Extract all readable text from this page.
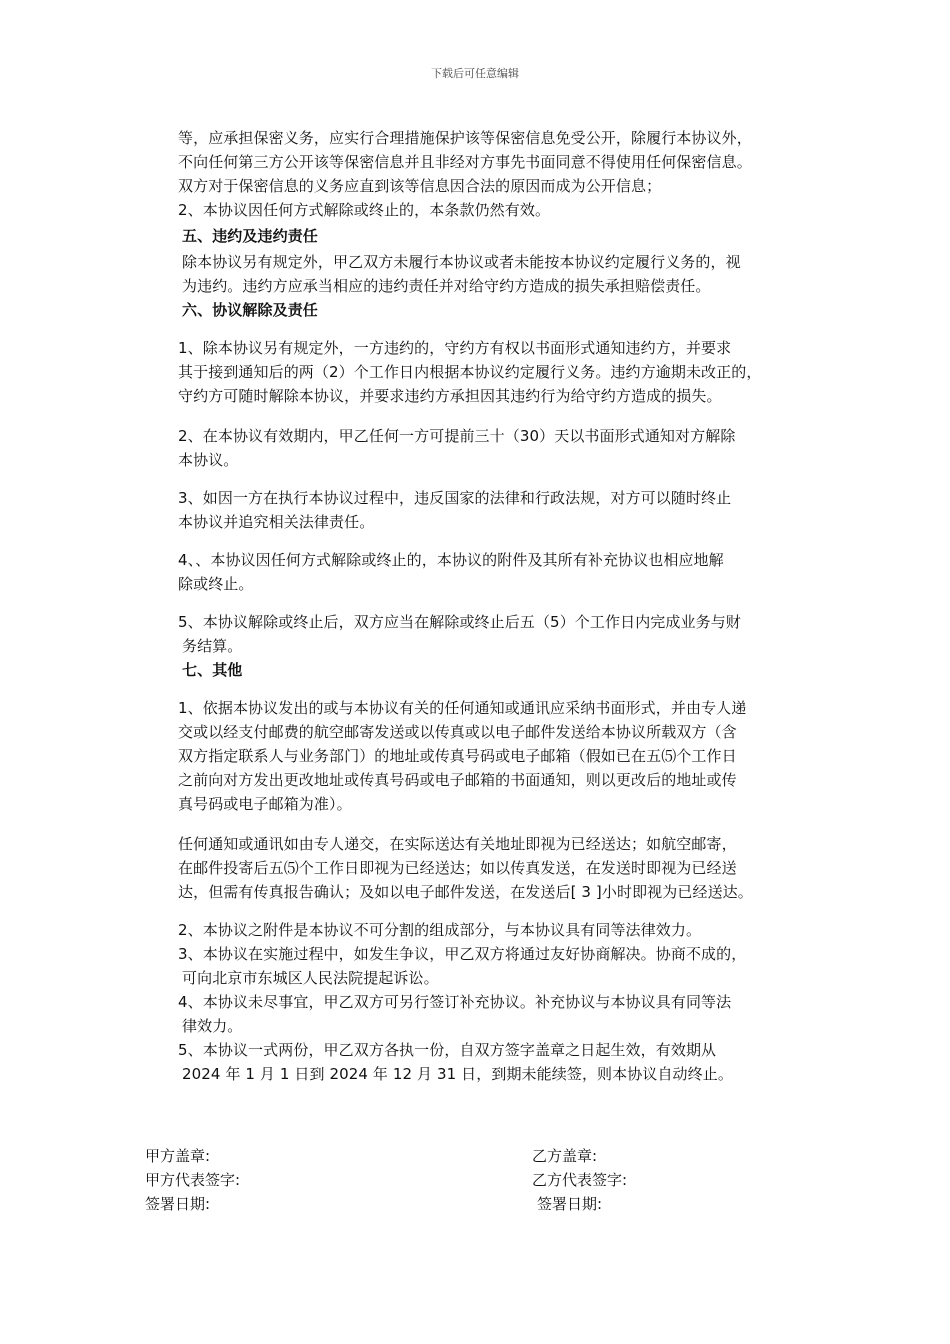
下载后可任意编辑
等，应承担保密义务，应实行合理措施保护该等保密信息免受公开，除履行本协议外，
不向任何第三方公开该等保密信息并且非经对方事先书面同意不得使用任何保密信息。
双方对于保密信息的义务应直到该等信息因合法的原因而成为公开信息；
2、本协议因任何方式解除或终止的，本条款仍然有效。
五、违约及违约责任
除本协议另有规定外，甲乙双方未履行本协议或者未能按本协议约定履行义务的，视
为违约。违约方应承当相应的违约责任并对给守约方造成的损失承担赔偿责任。
六、协议解除及责任
1、除本协议另有规定外，一方违约的，守约方有权以书面形式通知违约方，并要求
其于接到通知后的两（2）个工作日内根据本协议约定履行义务。违约方逾期未改正的，
守约方可随时解除本协议，并要求违约方承担因其违约行为给守约方造成的损失。
2、在本协议有效期内，甲乙任何一方可提前三十（30）天以书面形式通知对方解除
本协议。
3、如因一方在执行本协议过程中，违反国家的法律和行政法规，对方可以随时终止
本协议并追究相关法律责任。
4、、本协议因任何方式解除或终止的，本协议的附件及其所有补充协议也相应地解
除或终止。
5、本协议解除或终止后，双方应当在解除或终止后五（5）个工作日内完成业务与财
务结算。
七、其他
1、依据本协议发出的或与本协议有关的任何通知或通讯应采纳书面形式，并由专人递
交或以经支付邮费的航空邮寄发送或以传真或以电子邮件发送给本协议所载双方（含
双方指定联系人与业务部门）的地址或传真号码或电子邮箱（假如已在五⑸个工作日
之前向对方发出更改地址或传真号码或电子邮箱的书面通知，则以更改后的地址或传
真号码或电子邮箱为准）。
任何通知或通讯如由专人递交，在实际送达有关地址即视为已经送达；如航空邮寄，
在邮件投寄后五⑸个工作日即视为已经送达；如以传真发送，在发送时即视为已经送
达，但需有传真报告确认；及如以电子邮件发送，在发送后[ 3 ]小时即视为已经送达。
2、本协议之附件是本协议不可分割的组成部分，与本协议具有同等法律效力。
3、本协议在实施过程中，如发生争议，甲乙双方将通过友好协商解决。协商不成的，
可向北京市东城区人民法院提起诉讼。
4、本协议未尽事宜，甲乙双方可另行签订补充协议。补充协议与本协议具有同等法
律效力。
5、本协议一式两份，甲乙双方各执一份，自双方签字盖章之日起生效，有效期从
2024 年 1 月 1 日到 2024 年 12 月 31 日，到期未能续签，则本协议自动终止。
甲方盖章:
甲方代表签字:
签署日期:
乙方盖章:
乙方代表签字:
签署日期:
